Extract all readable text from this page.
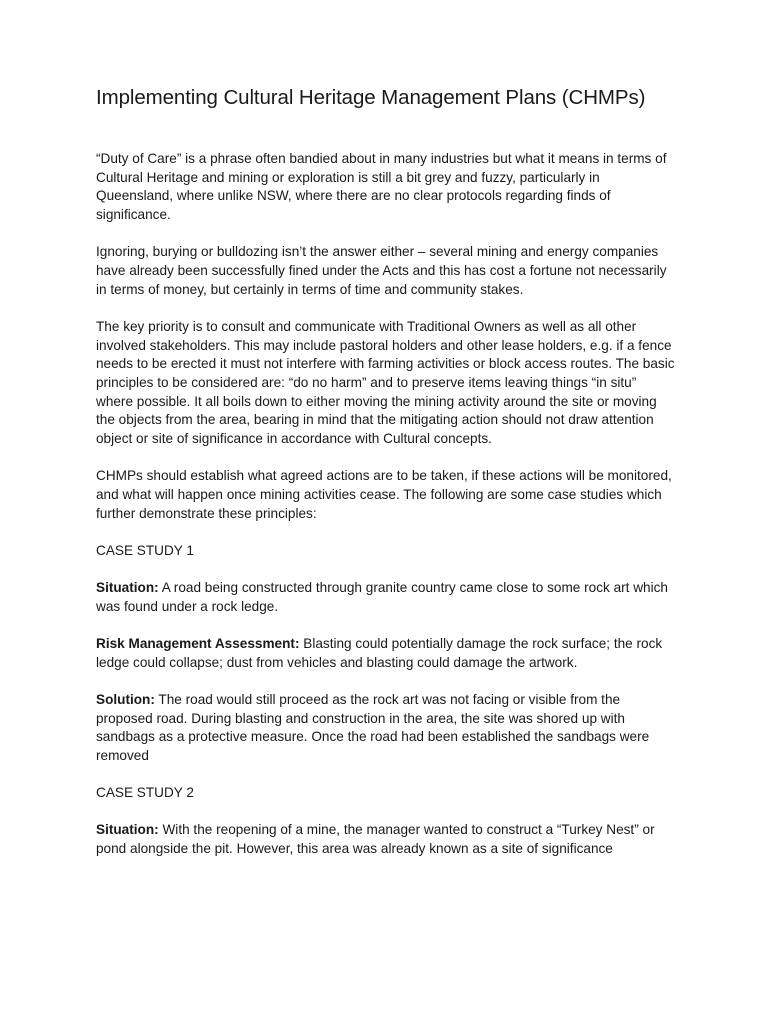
Implementing Cultural Heritage Management Plans (CHMPs)

“Duty of Care” is a phrase often bandied about in many industries but what it means in terms of Cultural Heritage and mining or exploration is still a bit grey and fuzzy, particularly in Queensland, where unlike NSW, where there are no clear protocols regarding finds of significance.

Ignoring, burying or bulldozing isn’t the answer either – several mining and energy companies have already been successfully fined under the Acts and this has cost a fortune not necessarily in terms of money, but certainly in terms of time and community stakes.

The key priority is to consult and communicate with Traditional Owners as well as all other involved stakeholders. This may include pastoral holders and other lease holders, e.g. if a fence needs to be erected it must not interfere with farming activities or block access routes. The basic principles to be considered are: “do no harm” and to preserve items leaving things “in situ” where possible. It all boils down to either moving the mining activity around the site or moving the objects from the area, bearing in mind that the mitigating action should not draw attention object or site of significance in accordance with Cultural concepts.

CHMPs should establish what agreed actions are to be taken, if these actions will be monitored, and what will happen once mining activities cease. The following are some case studies which further demonstrate these principles:

CASE STUDY 1

Situation: A road being constructed through granite country came close to some rock art which was found under a rock ledge.

Risk Management Assessment: Blasting could potentially damage the rock surface; the rock ledge could collapse; dust from vehicles and blasting could damage the artwork.

Solution: The road would still proceed as the rock art was not facing or visible from the proposed road. During blasting and construction in the area, the site was shored up with sandbags as a protective measure. Once the road had been established the sandbags were removed

CASE STUDY 2

Situation: With the reopening of a mine, the manager wanted to construct a “Turkey Nest” or pond alongside the pit. However, this area was already known as a site of significance
